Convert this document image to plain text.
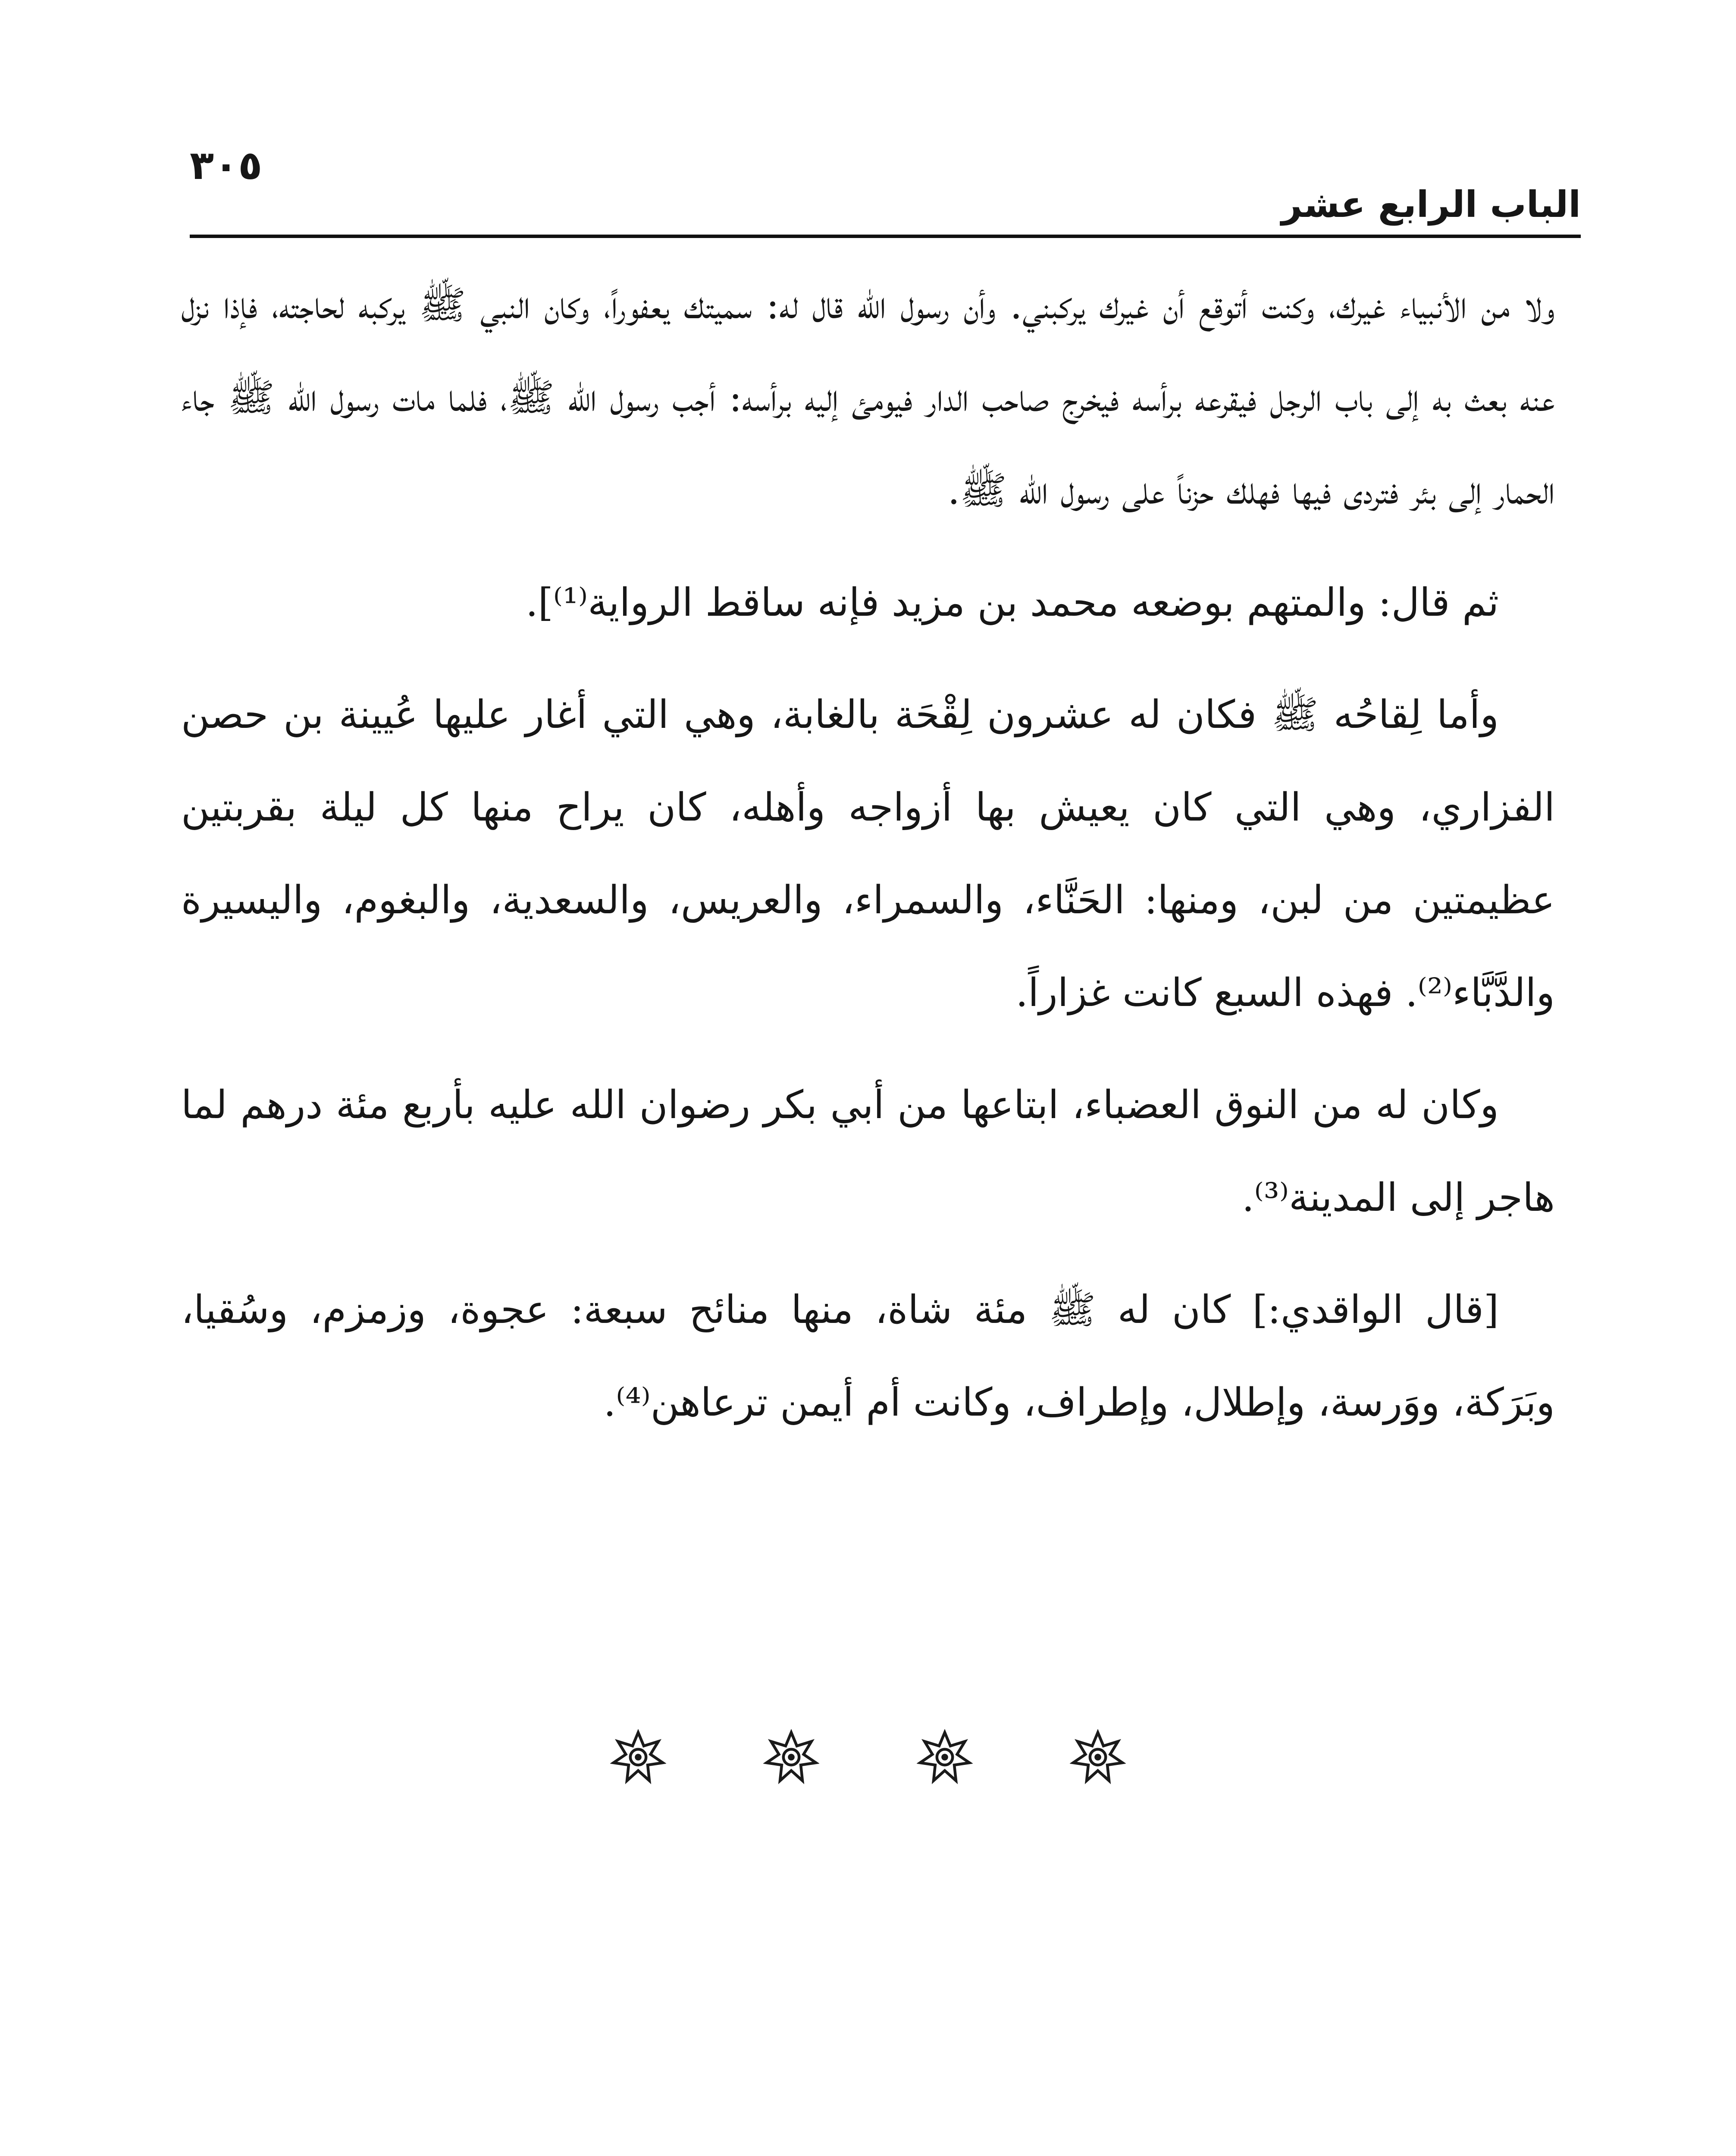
٣٠٥
الباب الرابع عشر

ولا من الأنبياء غيرك، وكنت أتوقع أن غيرك يركبني. وأن رسول الله قال له: سميتك يعفوراً، وكان النبي ﷺ يركبه لحاجته، فإذا نزل عنه بعث به إلى باب الرجل فيقرعه برأسه فيخرج صاحب الدار فيومئ إليه برأسه: أجب رسول الله ﷺ، فلما مات رسول الله ﷺ جاء الحمار إلى بئر فتردى فيها فهلك حزناً على رسول الله ﷺ.

ثم قال: والمتهم بوضعه محمد بن مزيد فإنه ساقط الرواية⁽¹⁾].

وأما لِقاحُه ﷺ فكان له عشرون لِقْحَة بالغابة، وهي التي أغار عليها عُيينة بن حصن الفزاري، وهي التي كان يعيش بها أزواجه وأهله، كان يراح منها كل ليلة بقربتين عظيمتين من لبن، ومنها: الحَنَّاء، والسمراء، والعريس، والسعدية، والبغوم، واليسيرة والدَّبَّاء⁽²⁾. فهذه السبع كانت غزاراً.

وكان له من النوق العضباء، ابتاعها من أبي بكر رضوان الله عليه بأربع مئة درهم لما هاجر إلى المدينة⁽³⁾.

[قال الواقدي:] كان له ﷺ مئة شاة، منها منائح سبعة: عجوة، وزمزم، وسُقيا، وبَرَكة، ووَرسة، وإطلال، وإطراف، وكانت أم أيمن ترعاهن⁽⁴⁾.
